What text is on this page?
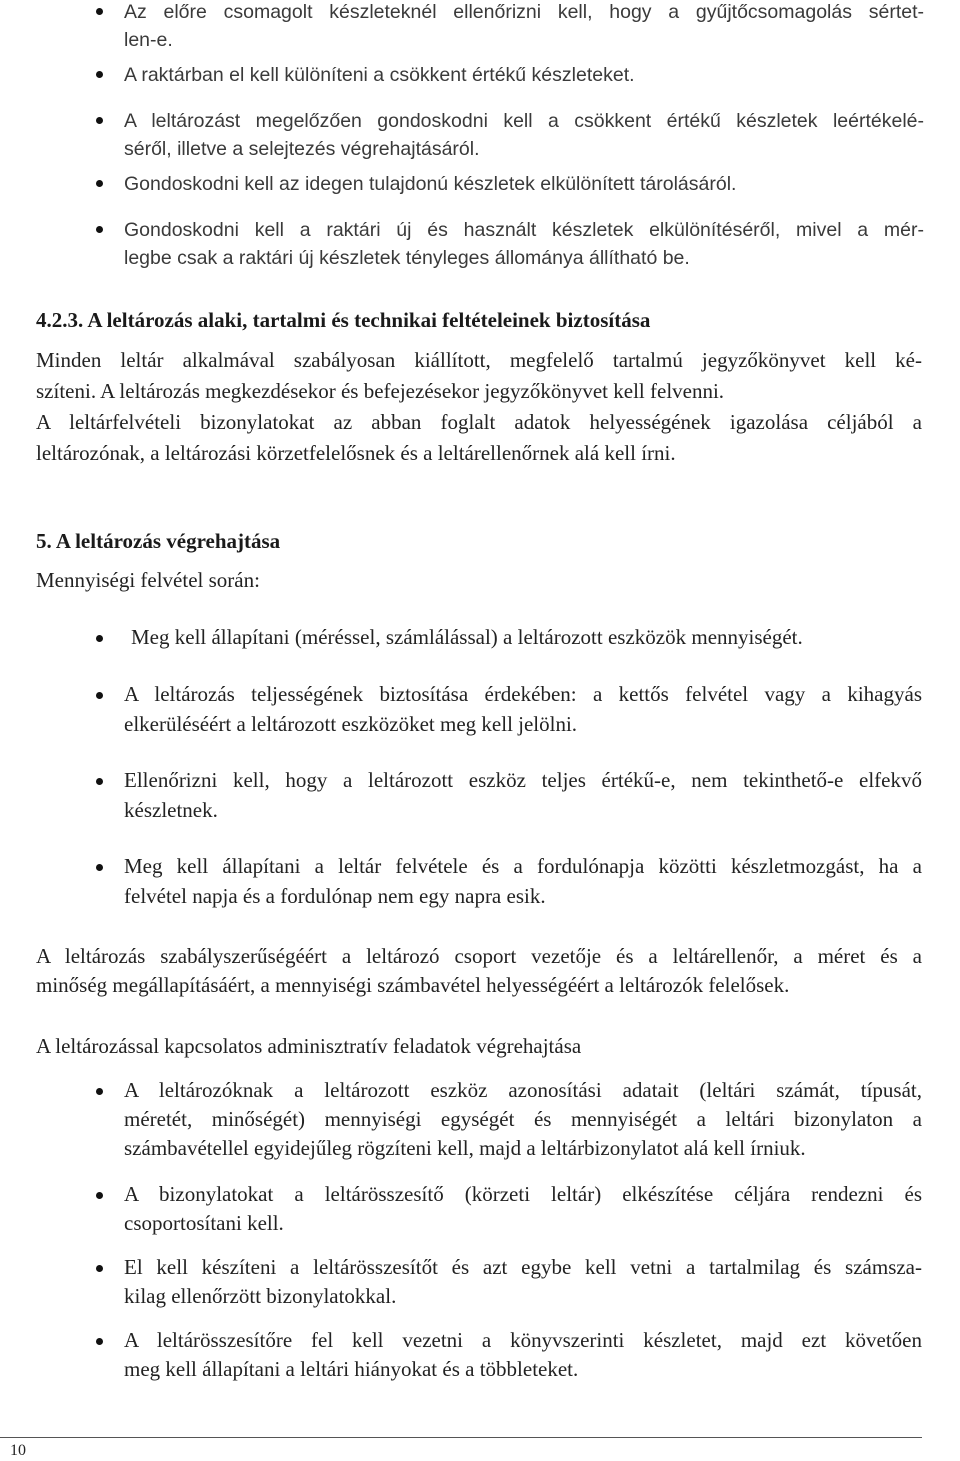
Az előre csomagolt készleteknél ellenőrizni kell, hogy a gyűjtőcsomagolás sértet-

len-e.

A raktárban el kell különíteni a csökkent értékű készleteket.

A leltározást megelőzően gondoskodni kell a csökkent értékű készletek leértékelé-

séről, illetve a selejtezés végrehajtásáról.

Gondoskodni kell az idegen tulajdonú készletek elkülönített tárolásáról.

Gondoskodni kell a raktári új és használt készletek elkülönítéséről, mivel a mér-

legbe csak a raktári új készletek tényleges állománya állítható be.

4.2.3. A leltározás alaki, tartalmi és technikai feltételeinek biztosítása

Minden leltár alkalmával szabályosan kiállított, megfelelő tartalmú jegyzőkönyvet kell ké-

szíteni. A leltározás megkezdésekor és befejezésekor jegyzőkönyvet kell felvenni.

A leltárfelvételi bizonylatokat az abban foglalt adatok helyességének igazolása céljából a

leltározónak, a leltározási körzetfelelősnek és a leltárellenőrnek alá kell írni.

5. A leltározás végrehajtása

Mennyiségi felvétel során:

Meg kell állapítani (méréssel, számlálással) a leltározott eszközök mennyiségét.

A leltározás teljességének biztosítása érdekében: a kettős felvétel vagy a kihagyás

elkerüléséért a leltározott eszközöket meg kell jelölni.

Ellenőrizni kell, hogy a leltározott eszköz teljes értékű-e, nem tekinthető-e elfekvő

készletnek.

Meg kell állapítani a leltár felvétele és a fordulónapja közötti készletmozgást, ha a

felvétel napja és a fordulónap nem egy napra esik.

A leltározás szabályszerűségéért a leltározó csoport vezetője és a leltárellenőr, a méret és a

minőség megállapításáért, a mennyiségi számbavétel helyességéért a leltározók felelősek.

A leltározással kapcsolatos adminisztratív feladatok végrehajtása

A leltározóknak a leltározott eszköz azonosítási adatait (leltári számát, típusát,

méretét, minőségét) mennyiségi egységét és mennyiségét a leltári bizonylaton a

számbavétellel egyidejűleg rögzíteni kell, majd a leltárbizonylatot alá kell írniuk.

A bizonylatokat a leltárösszesítő (körzeti leltár) elkészítése céljára rendezni és

csoportosítani kell.

El kell készíteni a leltárösszesítőt és azt egybe kell vetni a tartalmilag és számsza-

kilag ellenőrzött bizonylatokkal.

A leltárösszesítőre fel kell vezetni a könyvszerinti készletet, majd ezt követően

meg kell állapítani a leltári hiányokat és a többleteket.

10
